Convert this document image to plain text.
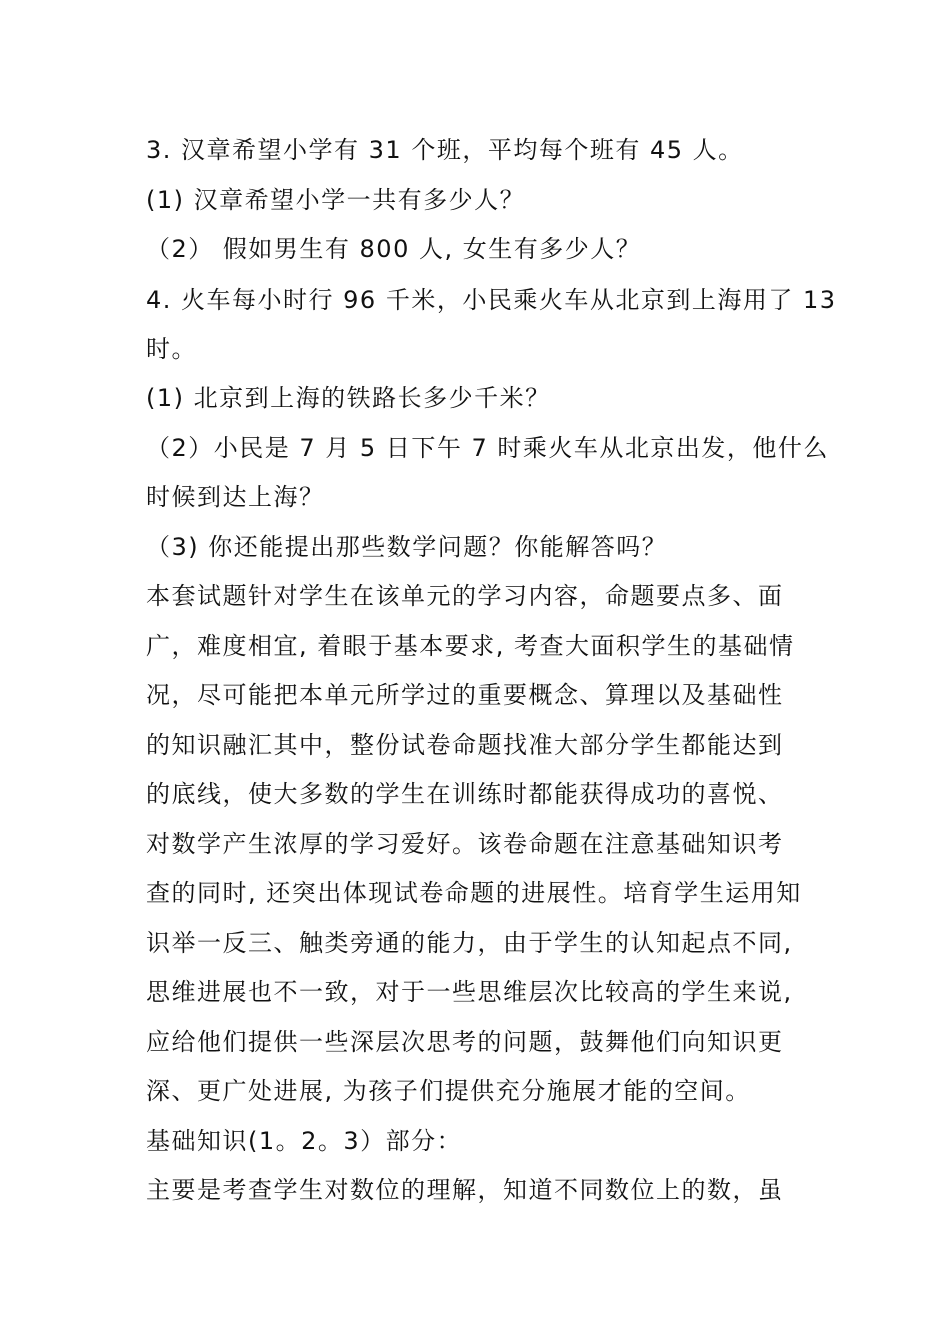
3. 汉章希望小学有 31 个班，平均每个班有 45 人。
(1) 汉章希望小学一共有多少人？
（2） 假如男生有 800 人, 女生有多少人？
4. 火车每小时行 96 千米，小民乘火车从北京到上海用了 13
时。
(1) 北京到上海的铁路长多少千米？
（2）小民是 7 月 5 日下午 7 时乘火车从北京出发，他什么
时候到达上海？
（3) 你还能提出那些数学问题？你能解答吗？
本套试题针对学生在该单元的学习内容，命题要点多、面
广，难度相宜, 着眼于基本要求, 考查大面积学生的基础情
况，尽可能把本单元所学过的重要概念、算理以及基础性
的知识融汇其中，整份试卷命题找准大部分学生都能达到
的底线，使大多数的学生在训练时都能获得成功的喜悦、
对数学产生浓厚的学习爱好。该卷命题在注意基础知识考
查的同时, 还突出体现试卷命题的进展性。培育学生运用知
识举一反三、触类旁通的能力，由于学生的认知起点不同,
思维进展也不一致，对于一些思维层次比较高的学生来说,
应给他们提供一些深层次思考的问题，鼓舞他们向知识更
深、更广处进展, 为孩子们提供充分施展才能的空间。
基础知识(1。2。3）部分：
主要是考查学生对数位的理解，知道不同数位上的数，虽
